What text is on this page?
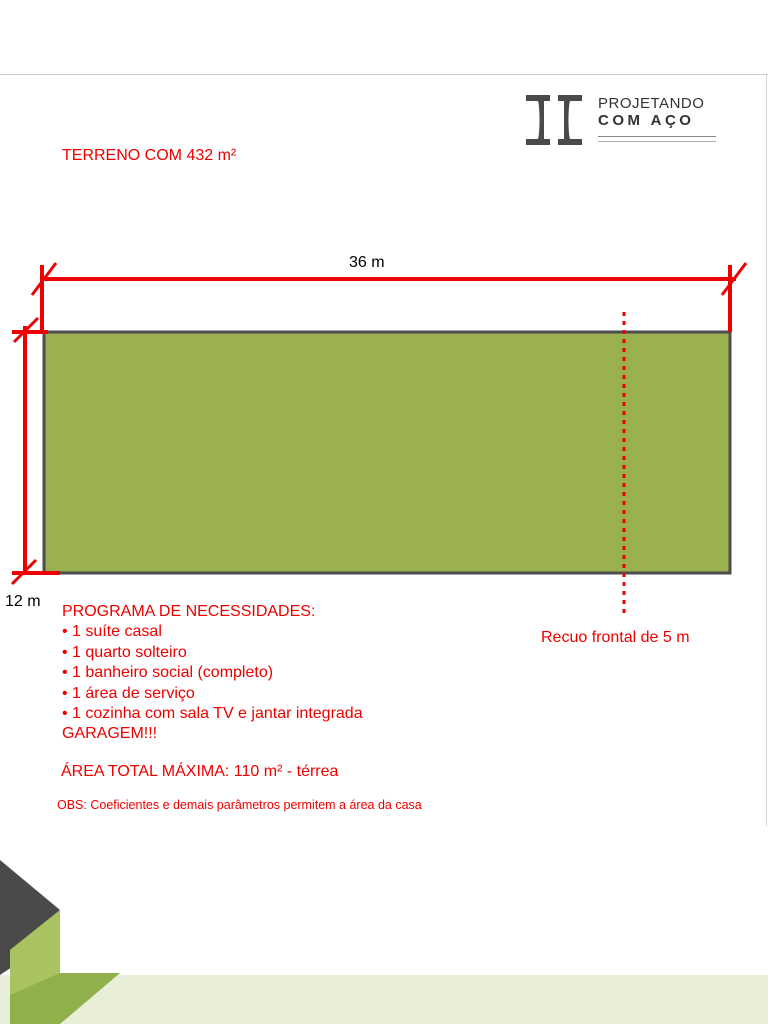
PROJETANDO
COM AÇO
TERRENO COM 432 m²
36 m
12 m
Recuo frontal de 5 m
PROGRAMA DE NECESSIDADES:
• 1 suíte casal
• 1 quarto solteiro
• 1 banheiro social (completo)
• 1 área de serviço
• 1 cozinha com sala TV e jantar integrada
GARAGEM!!!
ÁREA TOTAL MÁXIMA: 110 m² - térrea
OBS: Coeficientes e demais parâmetros permitem a área da casa
